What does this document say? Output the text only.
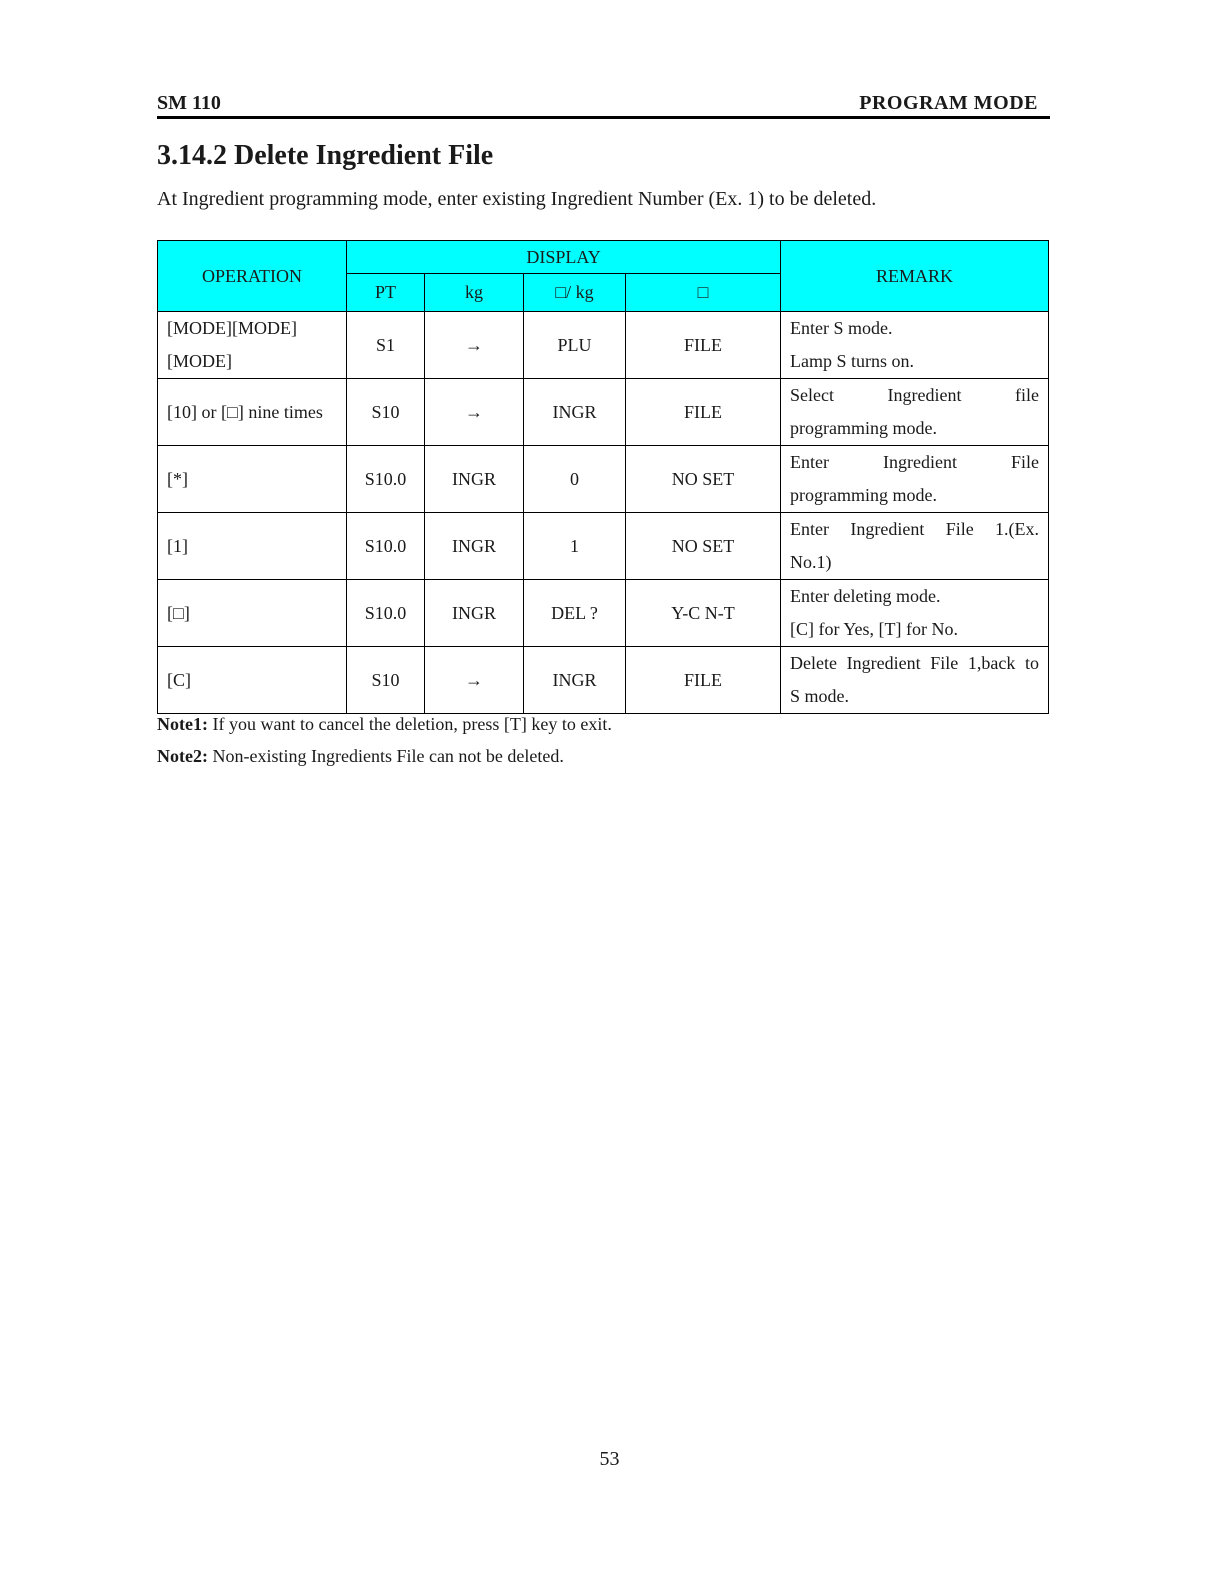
SM 110	PROGRAM MODE
3.14.2 Delete Ingredient File
At Ingredient programming mode, enter existing Ingredient Number (Ex. 1) to be deleted.
OPERATION	DISPLAY				REMARK
	PT	kg	□/ kg	□	

[MODE][MODE]
[MODE]	S1	→	PLU	FILE	Enter S mode.
Lamp S turns on.

[10] or [□] nine times	S10	→	INGR	FILE	Select Ingredient file
programming mode.

[*]	S10.0	INGR	0	NO SET	Enter Ingredient File
programming mode.

[1]	S10.0	INGR	1	NO SET	Enter Ingredient File 1.(Ex.
No.1)

[□]	S10.0	INGR	DEL ?	Y-C N-T	Enter deleting mode.
[C] for Yes, [T] for No.

[C]	S10	→	INGR	FILE	Delete Ingredient File 1,back to
S mode.
Note1: If you want to cancel the deletion, press [T] key to exit.
Note2: Non-existing Ingredients File can not be deleted.
53
